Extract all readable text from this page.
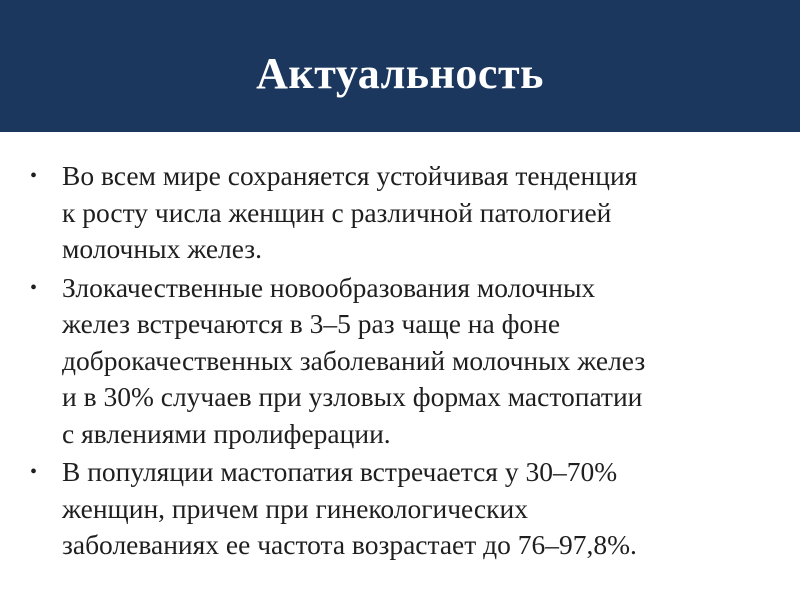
Актуальность
• Во всем мире сохраняется устойчивая тенденция
к росту числа женщин с различной патологией
молочных желез.
• Злокачественные новообразования молочных
желез встречаются в 3–5 раз чаще на фоне
доброкачественных заболеваний молочных желез
и в 30% случаев при узловых формах мастопатии
с явлениями пролиферации.
• В популяции мастопатия встречается у 30–70%
женщин, причем при гинекологических
заболеваниях ее частота возрастает до 76–97,8%.
